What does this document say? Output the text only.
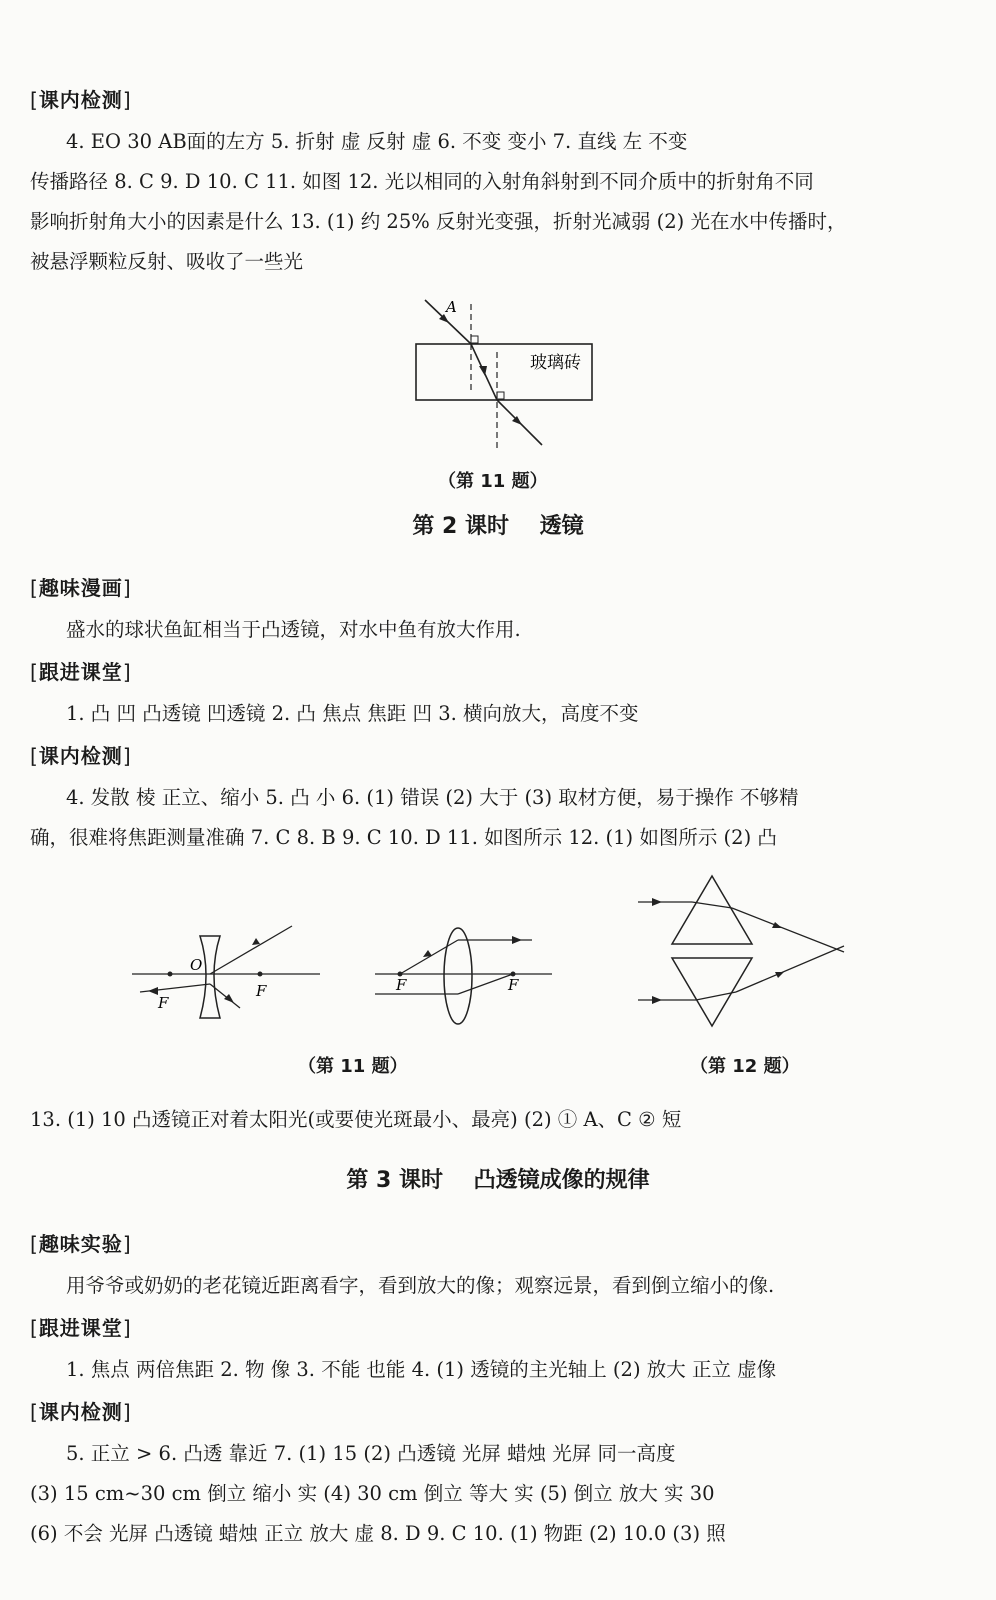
[ 课内检测 ]
4. EO 30 AB面的左方 5. 折射 虚 反射 虚 6. 不变 变小 7. 直线 左 不变
传播路径 8. C 9. D 10. C 11. 如图 12. 光以相同的入射角斜射到不同介质中的折射角不同
影响折射角大小的因素是什么 13. (1) 约 25% 反射光变强，折射光减弱 (2) 光在水中传播时，
被悬浮颗粒反射、吸收了一些光
A
玻璃砖
（第 11 题）
第 2 课时    透镜
[ 趣味漫画 ]
盛水的球状鱼缸相当于凸透镜，对水中鱼有放大作用.
[ 跟进课堂 ]
1. 凸 凹 凸透镜 凹透镜 2. 凸 焦点 焦距 凹 3. 横向放大，高度不变
[ 课内检测 ]
4. 发散 棱 正立、缩小 5. 凸 小 6. (1) 错误 (2) 大于 (3) 取材方便，易于操作 不够精
确，很难将焦距测量准确 7. C 8. B 9. C 10. D 11. 如图所示 12. (1) 如图所示 (2) 凸
O
F
F	F	F
（第 11 题）	（第 12 题）
13. (1) 10 凸透镜正对着太阳光(或要使光斑最小、最亮) (2) ① A、C ② 短
第 3 课时    凸透镜成像的规律
[ 趣味实验 ]
用爷爷或奶奶的老花镜近距离看字，看到放大的像；观察远景，看到倒立缩小的像.
[ 跟进课堂 ]
1. 焦点 两倍焦距 2. 物 像 3. 不能 也能 4. (1) 透镜的主光轴上 (2) 放大 正立 虚像
[ 课内检测 ]
5. 正立 > 6. 凸透 靠近 7. (1) 15 (2) 凸透镜 光屏 蜡烛 光屏 同一高度
(3) 15 cm~30 cm 倒立 缩小 实 (4) 30 cm 倒立 等大 实 (5) 倒立 放大 实 30
(6) 不会 光屏 凸透镜 蜡烛 正立 放大 虚 8. D 9. C 10. (1) 物距 (2) 10.0 (3) 照
